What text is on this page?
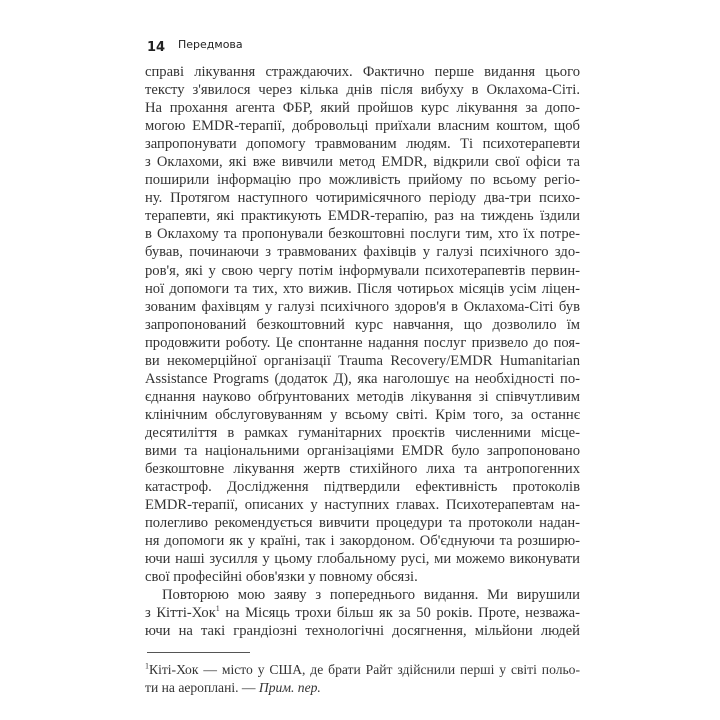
14 Передмова
справі лікування страждаючих. Фактично перше видання цього
тексту з'явилося через кілька днів після вибуху в Оклахома-Сіті.
На прохання агента ФБР, який пройшов курс лікування за допо-
могою EMDR-терапії, добровольці приїхали власним коштом, щоб
запропонувати допомогу травмованим людям. Ті психотерапевти
з Оклахоми, які вже вивчили метод EMDR, відкрили свої офіси та
поширили інформацію про можливість прийому по всьому регіо-
ну. Протягом наступного чотиримісячного періоду два-три психо-
терапевти, які практикують EMDR-терапію, раз на тиждень їздили
в Оклахому та пропонували безкоштовні послуги тим, хто їх потре-
бував, починаючи з травмованих фахівців у галузі психічного здо-
ров'я, які у свою чергу потім інформували психотерапевтів первин-
ної допомоги та тих, хто вижив. Після чотирьох місяців усім ліцен-
зованим фахівцям у галузі психічного здоров'я в Оклахома-Сіті був
запропонований безкоштовний курс навчання, що дозволило їм
продовжити роботу. Це спонтанне надання послуг призвело до поя-
ви некомерційної організації Trauma Recovery/EMDR Humanitarian
Assistance Programs (додаток Д), яка наголошує на необхідності по-
єднання науково обґрунтованих методів лікування зі співчутливим
клінічним обслуговуванням у всьому світі. Крім того, за останнє
десятиліття в рамках гуманітарних проєктів численними місце-
вими та національними організаціями EMDR було запропоновано
безкоштовне лікування жертв стихійного лиха та антропогенних
катастроф. Дослідження підтвердили ефективність протоколів
EMDR-терапії, описаних у наступних главах. Психотерапевтам на-
полегливо рекомендується вивчити процедури та протоколи надан-
ня допомоги як у країні, так і закордоном. Об'єднуючи та розширю-
ючи наші зусилля у цьому глобальному русі, ми можемо виконувати
свої професійні обов'язки у повному обсязі.
Повторюю мою заяву з попереднього видання. Ми вирушили
з Кітті-Хок$^1$ на Місяць трохи більш як за 50 років. Проте, незважа-
ючи на такі грандіозні технологічні досягнення, мільйони людей
$^1$Кіті-Хок — місто у США, де брати Райт здійснили перші у світі польо-
ти на аероплані. — Прим. пер.
